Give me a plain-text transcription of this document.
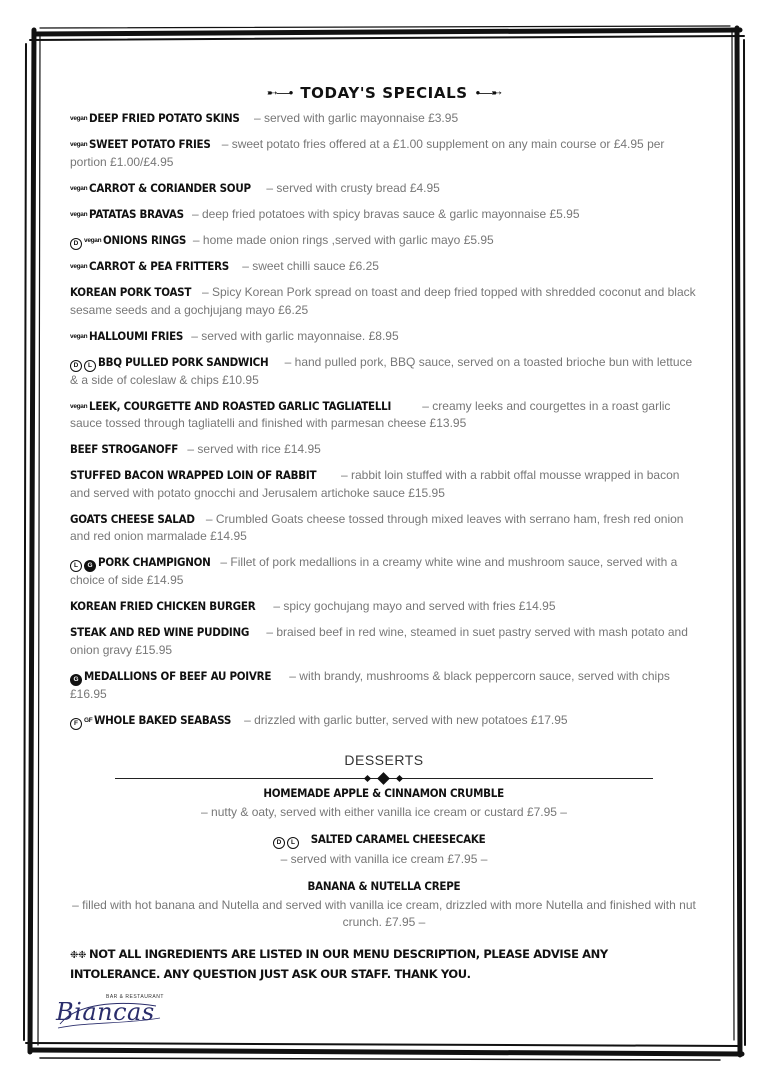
➸—• TODAY'S SPECIALS •—➸
vegan DEEP FRIED POTATO SKINS – served with garlic mayonnaise £3.95
vegan SWEET POTATO FRIES – sweet potato fries offered at a £1.00 supplement on any main course or £4.95 per portion £1.00/£4.95
vegan CARROT & CORIANDER SOUP – served with crusty bread £4.95
vegan PATATAS BRAVAS – deep fried potatoes with spicy bravas sauce & garlic mayonnaise £5.95
D vegan ONIONS RINGS – home made onion rings ,served with garlic mayo £5.95
vegan CARROT & PEA FRITTERS – sweet chilli sauce £6.25
KOREAN PORK TOAST – Spicy Korean Pork spread on toast and deep fried topped with shredded coconut and black sesame seeds and a gochjujang mayo £6.25
vegan HALLOUMI FRIES – served with garlic mayonnaise. £8.95
D L BBQ PULLED PORK SANDWICH – hand pulled pork, BBQ sauce, served on a toasted brioche bun with lettuce & a side of coleslaw & chips £10.95
vegan LEEK, COURGETTE AND ROASTED GARLIC TAGLIATELLI	– creamy leeks and courgettes in a roast garlic sauce tossed through tagliatelli and finished with parmesan cheese £13.95
BEEF STROGANOFF – served with rice £14.95
STUFFED BACON WRAPPED LOIN OF RABBIT – rabbit loin stuffed with a rabbit offal mousse wrapped in bacon and served with potato gnocchi and Jerusalem artichoke sauce £15.95
GOATS CHEESE SALAD – Crumbled Goats cheese tossed through mixed leaves with serrano ham, fresh red onion and red onion marmalade £14.95
L G PORK CHAMPIGNON – Fillet of pork medallions in a creamy white wine and mushroom sauce, served with a choice of side £14.95
KOREAN FRIED CHICKEN BURGER – spicy gochujang mayo and served with fries £14.95
STEAK AND RED WINE PUDDING – braised beef in red wine, steamed in suet pastry served with mash potato and onion gravy £15.95
G MEDALLIONS OF BEEF AU POIVRE – with brandy, mushrooms & black peppercorn sauce, served with chips £16.95
F GF WHOLE BAKED SEABASS – drizzled with garlic butter, served with new potatoes £17.95
DESSERTS
HOMEMADE APPLE & CINNAMON CRUMBLE
– nutty & oaty, served with either vanilla ice cream or custard £7.95 –
D L SALTED CARAMEL CHEESECAKE
– served with vanilla ice cream £7.95 –
BANANA & NUTELLA CREPE
– filled with hot banana and Nutella and served with vanilla ice cream, drizzled with more Nutella and finished with nut crunch. £7.95 –
❉❉ NOT ALL INGREDIENTS ARE LISTED IN OUR MENU DESCRIPTION, PLEASE ADVISE ANY INTOLERANCE. ANY QUESTION JUST ASK OUR STAFF. THANK YOU.
BAR & RESTAURANT
Biancas
